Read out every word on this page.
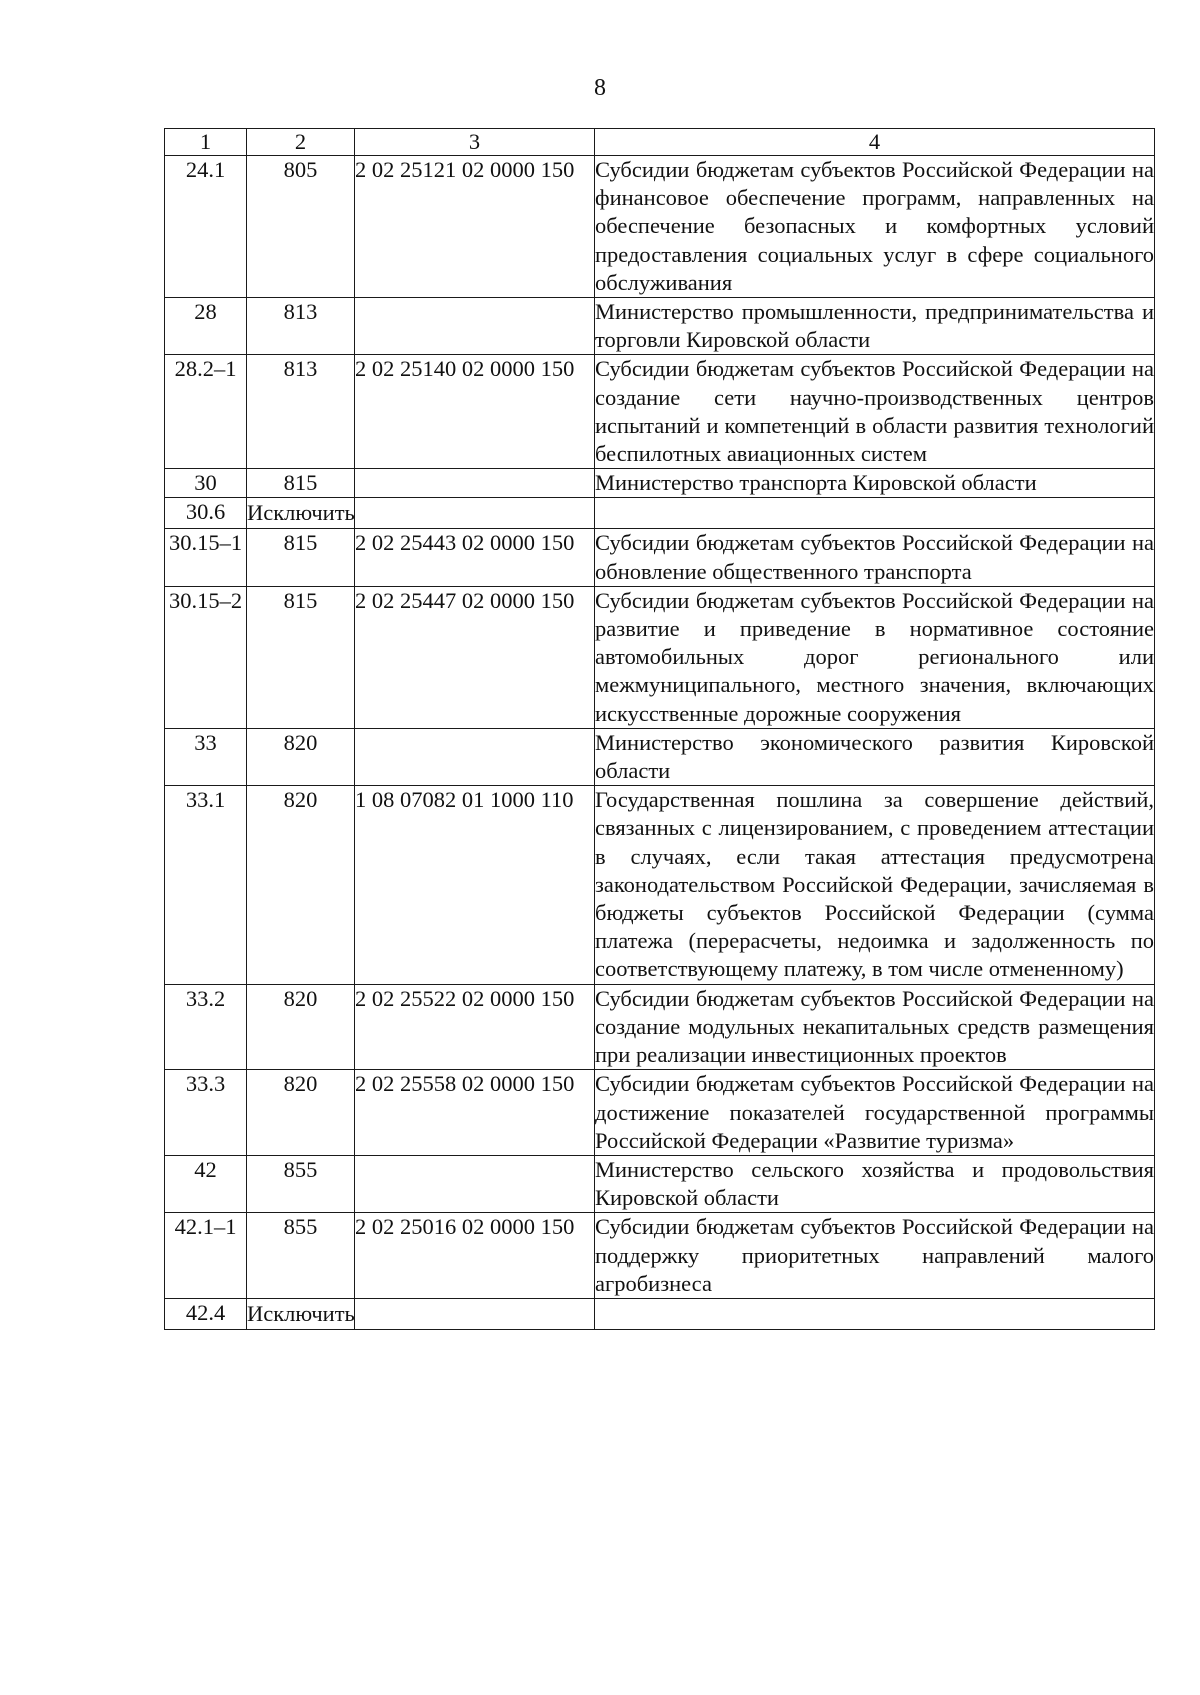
8
1	2	3	4
24.1	805	2 02 25121 02 0000 150	Субсидии бюджетам субъектов Российской Федерации на финансовое обеспечение программ, направленных на обеспечение безопасных и комфортных условий предоставления социальных услуг в сфере социального обслуживания
28	813		Министерство промышленности, предпринимательства и торговли Кировской области
28.2–1	813	2 02 25140 02 0000 150	Субсидии бюджетам субъектов Российской Федерации на создание сети научно-производственных центров испытаний и компетенций в области развития технологий беспилотных авиационных систем
30	815		Министерство транспорта Кировской области
30.6	Исключить		
30.15–1	815	2 02 25443 02 0000 150	Субсидии бюджетам субъектов Российской Федерации на обновление общественного транспорта
30.15–2	815	2 02 25447 02 0000 150	Субсидии бюджетам субъектов Российской Федерации на развитие и приведение в нормативное состояние автомобильных дорог регионального или межмуниципального, местного значения, включающих искусственные дорожные сооружения
33	820		Министерство экономического развития Кировской области
33.1	820	1 08 07082 01 1000 110	Государственная пошлина за совершение действий, связанных с лицензированием, с проведением аттестации в случаях, если такая аттестация предусмотрена законодательством Российской Федерации, зачисляемая в бюджеты субъектов Российской Федерации (сумма платежа (перерасчеты, недоимка и задолженность по соответствующему платежу, в том числе отмененному)
33.2	820	2 02 25522 02 0000 150	Субсидии бюджетам субъектов Российской Федерации на создание модульных некапитальных средств размещения при реализации инвестиционных проектов
33.3	820	2 02 25558 02 0000 150	Субсидии бюджетам субъектов Российской Федерации на достижение показателей государственной программы Российской Федерации «Развитие туризма»
42	855		Министерство сельского хозяйства и продовольствия Кировской области
42.1–1	855	2 02 25016 02 0000 150	Субсидии бюджетам субъектов Российской Федерации на поддержку приоритетных направлений малого агробизнеса
42.4	Исключить		
